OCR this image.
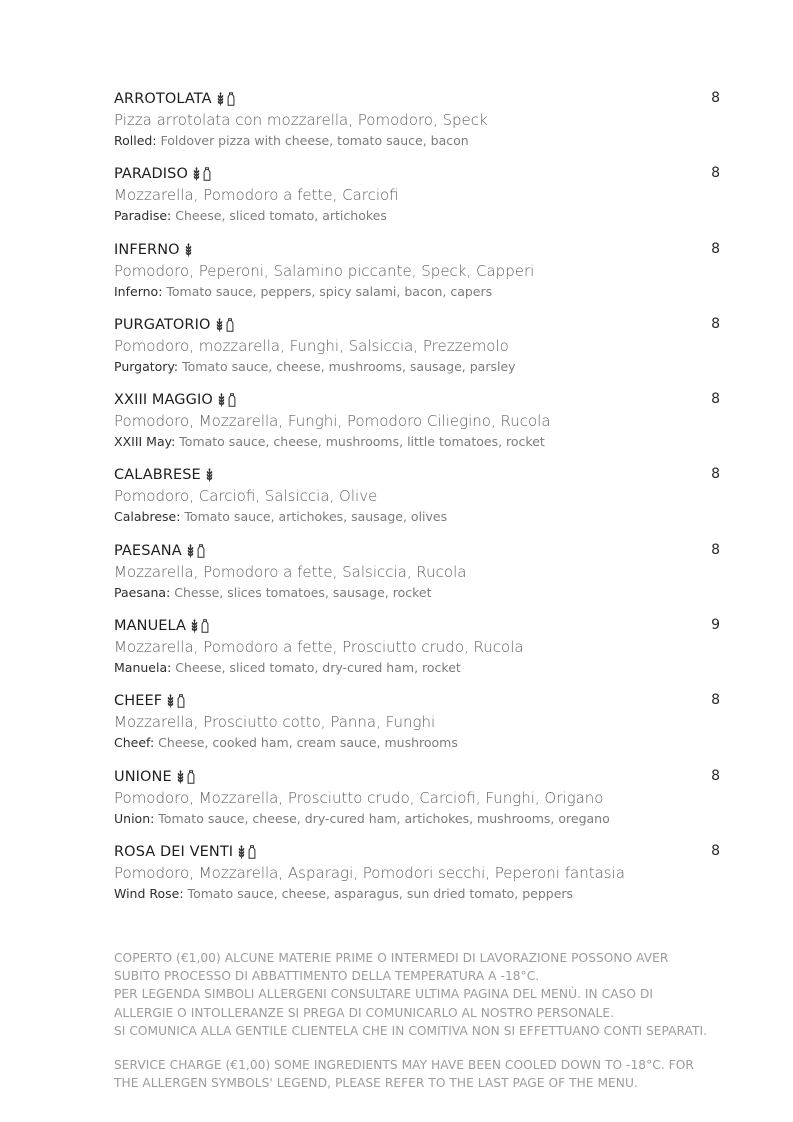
ARROTOLATA	8
Pizza arrotolata con mozzarella, Pomodoro, Speck
Rolled: Foldover pizza with cheese, tomato sauce, bacon
PARADISO	8
Mozzarella, Pomodoro a fette, Carciofi
Paradise: Cheese, sliced tomato, artichokes
INFERNO	8
Pomodoro, Peperoni, Salamino piccante, Speck, Capperi
Inferno: Tomato sauce, peppers, spicy salami, bacon, capers
PURGATORIO	8
Pomodoro, mozzarella, Funghi, Salsiccia, Prezzemolo
Purgatory: Tomato sauce, cheese, mushrooms, sausage, parsley
XXIII MAGGIO	8
Pomodoro, Mozzarella, Funghi, Pomodoro Ciliegino, Rucola
XXIII May: Tomato sauce, cheese, mushrooms, little tomatoes, rocket
CALABRESE	8
Pomodoro, Carciofi, Salsiccia, Olive
Calabrese: Tomato sauce, artichokes, sausage, olives
PAESANA	8
Mozzarella, Pomodoro a fette, Salsiccia, Rucola
Paesana: Chesse, slices tomatoes, sausage, rocket
MANUELA	9
Mozzarella, Pomodoro a fette, Prosciutto crudo, Rucola
Manuela: Cheese, sliced tomato, dry-cured ham, rocket
CHEEF	8
Mozzarella, Prosciutto cotto, Panna, Funghi
Cheef: Cheese, cooked ham, cream sauce, mushrooms
UNIONE	8
Pomodoro, Mozzarella, Prosciutto crudo, Carciofi, Funghi, Origano
Union: Tomato sauce, cheese, dry-cured ham, artichokes, mushrooms, oregano
ROSA DEI VENTI	8
Pomodoro, Mozzarella, Asparagi, Pomodori secchi, Peperoni fantasia
Wind Rose: Tomato sauce, cheese, asparagus, sun dried tomato, peppers

COPERTO (€1,00) ALCUNE MATERIE PRIME O INTERMEDI DI LAVORAZIONE POSSONO AVER SUBITO PROCESSO DI ABBATTIMENTO DELLA TEMPERATURA A -18°C.

PER LEGENDA SIMBOLI ALLERGENI CONSULTARE ULTIMA PAGINA DEL MENÙ. IN CASO DI ALLERGIE O INTOLLERANZE SI PREGA DI COMUNICARLO AL NOSTRO PERSONALE.

SI COMUNICA ALLA GENTILE CLIENTELA CHE IN COMITIVA NON SI EFFETTUANO CONTI SEPARATI.

SERVICE CHARGE (€1,00) SOME INGREDIENTS MAY HAVE BEEN COOLED DOWN TO -18°C. FOR THE ALLERGEN SYMBOLS' LEGEND, PLEASE REFER TO THE LAST PAGE OF THE MENU.
